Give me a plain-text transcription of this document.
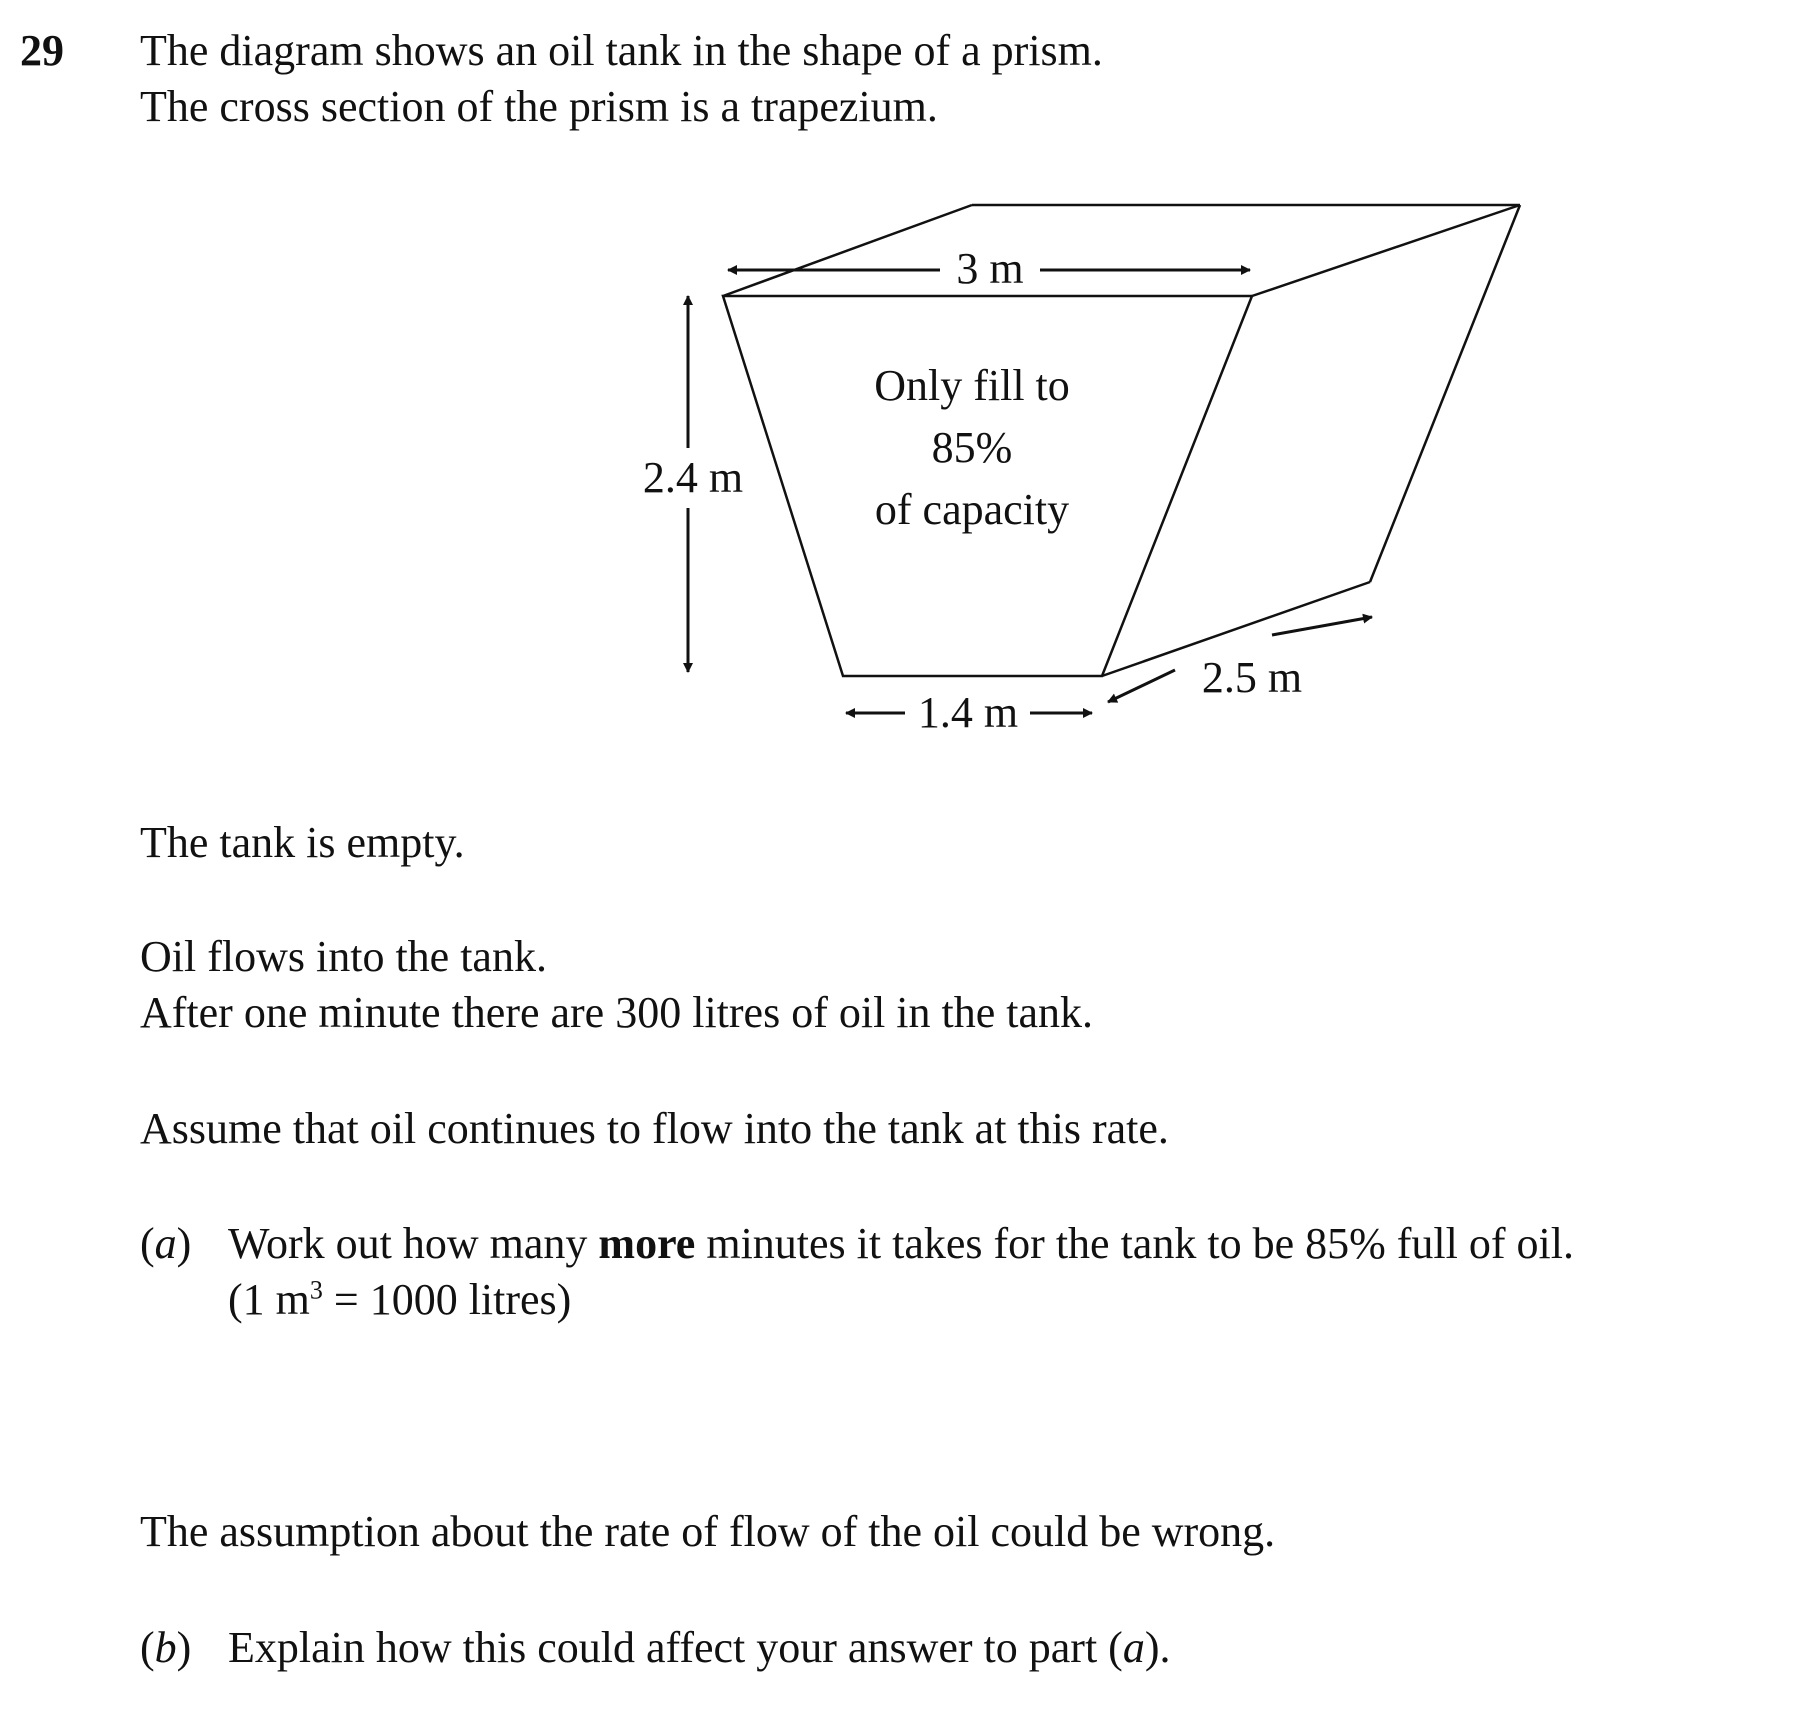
29 The diagram shows an oil tank in the shape of a prism.
The cross section of the prism is a trapezium.
3 m
2.4 m
1.4 m
2.5 m
Only fill to
85%
of capacity
The tank is empty.
Oil flows into the tank.
After one minute there are 300 litres of oil in the tank.
Assume that oil continues to flow into the tank at this rate.
(a) Work out how many more minutes it takes for the tank to be 85% full of oil.
(1 $m^3 = 1000$ litres)
The assumption about the rate of flow of the oil could be wrong.
(b) Explain how this could affect your answer to part (a).
